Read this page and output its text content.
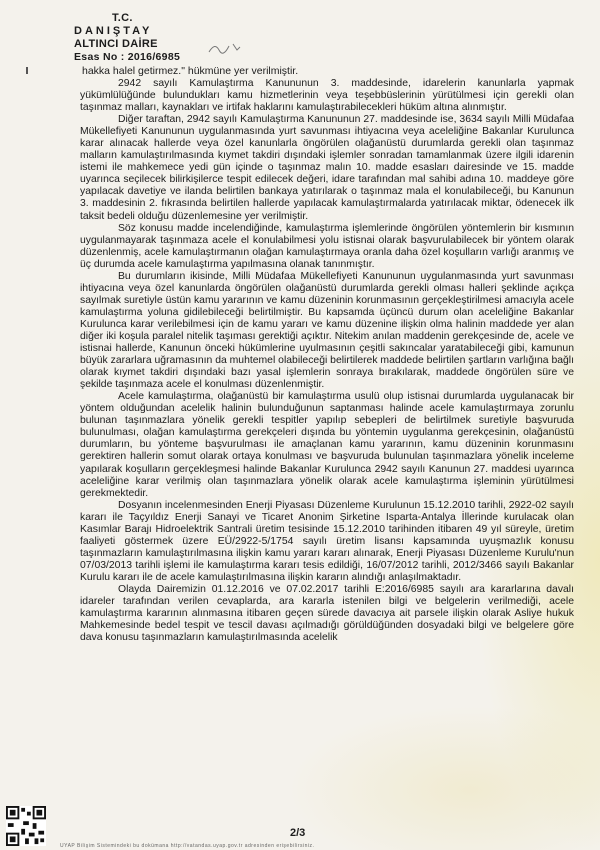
T.C.
DANIŞTAY
ALTINCI DAİRE
Esas No : 2016/6985
hakka halel getirmez." hükmüne yer verilmiştir.

2942 sayılı Kamulaştırma Kanununun 3. maddesinde, idarelerin kanunlarla yapmak yükümlülüğünde bulundukları kamu hizmetlerinin veya teşebbüslerinin yürütülmesi için gerekli olan taşınmaz malları, kaynakları ve irtifak haklarını kamulaştırabilecekleri hüküm altına alınmıştır.

Diğer taraftan, 2942 sayılı Kamulaştırma Kanununun 27. maddesinde ise, 3634 sayılı Milli Müdafaa Mükellefiyeti Kanununun uygulanmasında yurt savunması ihtiyacına veya aceleliğine Bakanlar Kurulunca karar alınacak hallerde veya özel kanunlarla öngörülen olağanüstü durumlarda gerekli olan taşınmaz malların kamulaştırılmasında kıymet takdiri dışındaki işlemler sonradan tamamlanmak üzere ilgili idarenin istemi ile mahkemece yedi gün içinde o taşınmaz malın 10. madde esasları dairesinde ve 15. madde uyarınca seçilecek bilirkişilerce tespit edilecek değeri, idare tarafından mal sahibi adına 10. maddeye göre yapılacak davetiye ve ilanda belirtilen bankaya yatırılarak o taşınmaz mala el konulabileceği, bu Kanunun 3. maddesinin 2. fıkrasında belirtilen hallerde yapılacak kamulaştırmalarda yatırılacak miktar, ödenecek ilk taksit bedeli olduğu düzenlemesine yer verilmiştir.

Söz konusu madde incelendiğinde, kamulaştırma işlemlerinde öngörülen yöntemlerin bir kısmının uygulanmayarak taşınmaza acele el konulabilmesi yolu istisnai olarak başvurulabilecek bir yöntem olarak düzenlenmiş, acele kamulaştırmanın olağan kamulaştırmaya oranla daha özel koşulların varlığı aranmış ve üç durumda acele kamulaştırma yapılmasına olanak tanınmıştır.

Bu durumların ikisinde, Milli Müdafaa Mükellefiyeti Kanununun uygulanmasında yurt savunması ihtiyacına veya özel kanunlarda öngörülen olağanüstü durumlarda gerekli olması halleri şeklinde açıkça sayılmak suretiyle üstün kamu yararının ve kamu düzeninin korunmasının gerçekleştirilmesi amacıyla acele kamulaştırma yoluna gidilebileceği belirtilmiştir. Bu kapsamda üçüncü durum olan aceleliğine Bakanlar Kurulunca karar verilebilmesi için de kamu yararı ve kamu düzenine ilişkin olma halinin maddede yer alan diğer iki koşula paralel nitelik taşıması gerektiği açıktır. Nitekim anılan maddenin gerekçesinde de, acele ve istisnai hallerde, Kanunun önceki hükümlerine uyulmasının çeşitli sakıncalar yaratabileceği gibi, kamunun büyük zararlara uğramasının da muhtemel olabileceği belirtilerek maddede belirtilen şartların varlığına bağlı olarak kıymet takdiri dışındaki bazı yasal işlemlerin sonraya bırakılarak, maddede öngörülen süre ve şekilde taşınmaza acele el konulması düzenlenmiştir.

Acele kamulaştırma, olağanüstü bir kamulaştırma usulü olup istisnai durumlarda uygulanacak bir yöntem olduğundan acelelik halinin bulunduğunun saptanması halinde acele kamulaştırmaya zorunlu bulunan taşınmazlara yönelik gerekli tespitler yapılıp sebepleri de belirtilmek suretiyle başvuruda bulunulması, olağan kamulaştırma gerekçeleri dışında bu yöntemin uygulanma gerekçesinin, olağanüstü durumların, bu yönteme başvurulması ile amaçlanan kamu yararının, kamu düzeninin korunmasını gerektiren hallerin somut olarak ortaya konulması ve başvuruda bulunulan taşınmazlara yönelik inceleme yapılarak koşulların gerçekleşmesi halinde Bakanlar Kurulunca 2942 sayılı Kanunun 27. maddesi uyarınca aceleliğine karar verilmiş olan taşınmazlara yönelik olarak acele kamulaştırma işleminin yürütülmesi gerekmektedir.

Dosyanın incelenmesinden Enerji Piyasası Düzenleme Kurulunun 15.12.2010 tarihli, 2922-02 sayılı kararı ile Taçyıldız Enerji Sanayi ve Ticaret Anonim Şirketine Isparta-Antalya İllerinde kurulacak olan Kasımlar Barajı Hidroelektrik Santrali üretim tesisinde 15.12.2010 tarihinden itibaren 49 yıl süreyle, üretim faaliyeti göstermek üzere EÜ/2922-5/1754 sayılı üretim lisansı kapsamında uyuşmazlık konusu taşınmazların kamulaştırılmasına ilişkin kamu yararı kararı alınarak, Enerji Piyasası Düzenleme Kurulu'nun 07/03/2013 tarihli işlemi ile kamulaştırma kararı tesis edildiği, 16/07/2012 tarihli, 2012/3466 sayılı Bakanlar Kurulu kararı ile de acele kamulaştırılmasına ilişkin kararın alındığı anlaşılmaktadır.

Olayda Dairemizin 01.12.2016 ve 07.02.2017 tarihli E:2016/6985 sayılı ara kararlarına davalı idareler tarafından verilen cevaplarda, ara kararla istenilen bilgi ve belgelerin verilmediği, acele kamulaştırma kararının alınmasına itibaren geçen sürede davacıya ait parsele ilişkin olarak Asliye hukuk Mahkemesinde bedel tespit ve tescil davası açılmadığı görüldüğünden dosyadaki bilgi ve belgelere göre dava konusu taşınmazların kamulaştırılmasında acelelik

2/3
UYAP Bilişim Sistemindeki bu dokümana http://vatandas.uyap.gov.tr adresinden erişebilirsiniz.
